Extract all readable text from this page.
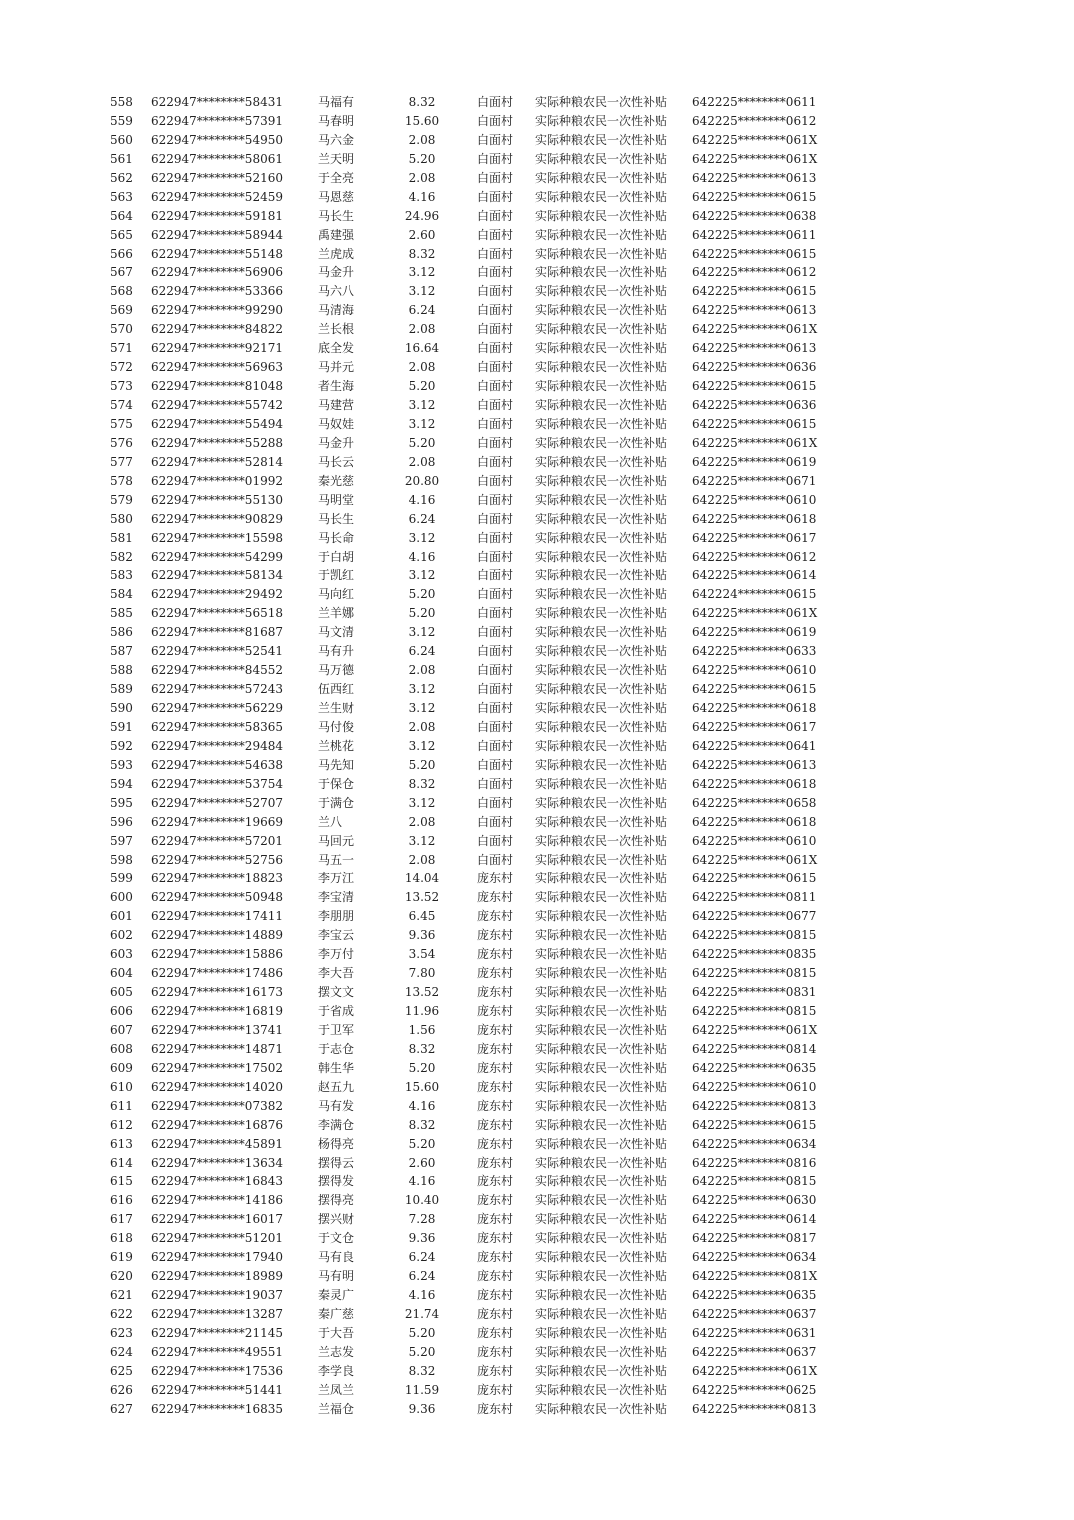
558 622947********58431	马福有	8.32	白面村 实际种粮农民一次性补贴 642225********0611
559 622947********57391	马春明	15.60	白面村 实际种粮农民一次性补贴 642225********0612
560 622947********54950	马六金	2.08	白面村 实际种粮农民一次性补贴 642225********061X
561 622947********58061	兰天明	5.20	白面村 实际种粮农民一次性补贴 642225********061X
562 622947********52160	于全亮	2.08	白面村 实际种粮农民一次性补贴 642225********0613
563 622947********52459	马恩慈	4.16	白面村 实际种粮农民一次性补贴 642225********0615
564 622947********59181	马长生	24.96	白面村 实际种粮农民一次性补贴 642225********0638
565 622947********58944	禹建强	2.60	白面村 实际种粮农民一次性补贴 642225********0611
566 622947********55148	兰虎成	8.32	白面村 实际种粮农民一次性补贴 642225********0615
567 622947********56906	马金升	3.12	白面村 实际种粮农民一次性补贴 642225********0612
568 622947********53366	马六八	3.12	白面村 实际种粮农民一次性补贴 642225********0615
569 622947********99290	马清海	6.24	白面村 实际种粮农民一次性补贴 642225********0613
570 622947********84822	兰长根	2.08	白面村 实际种粮农民一次性补贴 642225********061X
571 622947********92171	底全发	16.64	白面村 实际种粮农民一次性补贴 642225********0613
572 622947********56963	马并元	2.08	白面村 实际种粮农民一次性补贴 642225********0636
573 622947********81048	者生海	5.20	白面村 实际种粮农民一次性补贴 642225********0615
574 622947********55742	马建营	3.12	白面村 实际种粮农民一次性补贴 642225********0636
575 622947********55494	马奴娃	3.12	白面村 实际种粮农民一次性补贴 642225********0615
576 622947********55288	马金升	5.20	白面村 实际种粮农民一次性补贴 642225********061X
577 622947********52814	马长云	2.08	白面村 实际种粮农民一次性补贴 642225********0619
578 622947********01992	秦光慈	20.80	白面村 实际种粮农民一次性补贴 642225********0671
579 622947********55130	马明堂	4.16	白面村 实际种粮农民一次性补贴 642225********0610
580 622947********90829	马长生	6.24	白面村 实际种粮农民一次性补贴 642225********0618
581 622947********15598	马长命	3.12	白面村 实际种粮农民一次性补贴 642225********0617
582 622947********54299	于白胡	4.16	白面村 实际种粮农民一次性补贴 642225********0612
583 622947********58134	于凯红	3.12	白面村 实际种粮农民一次性补贴 642225********0614
584 622947********29492	马向红	5.20	白面村 实际种粮农民一次性补贴 642224********0615
585 622947********56518	兰羊娜	5.20	白面村 实际种粮农民一次性补贴 642225********061X
586 622947********81687	马文清	3.12	白面村 实际种粮农民一次性补贴 642225********0619
587 622947********52541	马有升	6.24	白面村 实际种粮农民一次性补贴 642225********0633
588 622947********84552	马万德	2.08	白面村 实际种粮农民一次性补贴 642225********0610
589 622947********57243	伍西红	3.12	白面村 实际种粮农民一次性补贴 642225********0615
590 622947********56229	兰生财	3.12	白面村 实际种粮农民一次性补贴 642225********0618
591 622947********58365	马付俊	2.08	白面村 实际种粮农民一次性补贴 642225********0617
592 622947********29484	兰桃花	3.12	白面村 实际种粮农民一次性补贴 642225********0641
593 622947********54638	马先知	5.20	白面村 实际种粮农民一次性补贴 642225********0613
594 622947********53754	于保仓	8.32	白面村 实际种粮农民一次性补贴 642225********0618
595 622947********52707	于满仓	3.12	白面村 实际种粮农民一次性补贴 642225********0658
596 622947********19669	兰八	2.08	白面村 实际种粮农民一次性补贴 642225********0618
597 622947********57201	马回元	3.12	白面村 实际种粮农民一次性补贴 642225********0610
598 622947********52756	马五一	2.08	白面村 实际种粮农民一次性补贴 642225********061X
599 622947********18823	李万江	14.04	庞东村 实际种粮农民一次性补贴 642225********0615
600 622947********50948	李宝清	13.52	庞东村 实际种粮农民一次性补贴 642225********0811
601 622947********17411	李朋朋	6.45	庞东村 实际种粮农民一次性补贴 642225********0677
602 622947********14889	李宝云	9.36	庞东村 实际种粮农民一次性补贴 642225********0815
603 622947********15886	李万付	3.54	庞东村 实际种粮农民一次性补贴 642225********0835
604 622947********17486	李大吾	7.80	庞东村 实际种粮农民一次性补贴 642225********0815
605 622947********16173	摆文文	13.52	庞东村 实际种粮农民一次性补贴 642225********0831
606 622947********16819	于省成	11.96	庞东村 实际种粮农民一次性补贴 642225********0815
607 622947********13741	于卫军	1.56	庞东村 实际种粮农民一次性补贴 642225********061X
608 622947********14871	于志仓	8.32	庞东村 实际种粮农民一次性补贴 642225********0814
609 622947********17502	韩生华	5.20	庞东村 实际种粮农民一次性补贴 642225********0635
610 622947********14020	赵五九	15.60	庞东村 实际种粮农民一次性补贴 642225********0610
611 622947********07382	马有发	4.16	庞东村 实际种粮农民一次性补贴 642225********0813
612 622947********16876	李满仓	8.32	庞东村 实际种粮农民一次性补贴 642225********0615
613 622947********45891	杨得亮	5.20	庞东村 实际种粮农民一次性补贴 642225********0634
614 622947********13634	摆得云	2.60	庞东村 实际种粮农民一次性补贴 642225********0816
615 622947********16843	摆得发	4.16	庞东村 实际种粮农民一次性补贴 642225********0815
616 622947********14186	摆得亮	10.40	庞东村 实际种粮农民一次性补贴 642225********0630
617 622947********16017	摆兴财	7.28	庞东村 实际种粮农民一次性补贴 642225********0614
618 622947********51201	于文仓	9.36	庞东村 实际种粮农民一次性补贴 642225********0817
619 622947********17940	马有良	6.24	庞东村 实际种粮农民一次性补贴 642225********0634
620 622947********18989	马有明	6.24	庞东村 实际种粮农民一次性补贴 642225********081X
621 622947********19037	秦灵广	4.16	庞东村 实际种粮农民一次性补贴 642225********0635
622 622947********13287	秦广慈	21.74	庞东村 实际种粮农民一次性补贴 642225********0637
623 622947********21145	于大吾	5.20	庞东村 实际种粮农民一次性补贴 642225********0631
624 622947********49551	兰志发	5.20	庞东村 实际种粮农民一次性补贴 642225********0637
625 622947********17536	李学良	8.32	庞东村 实际种粮农民一次性补贴 642225********061X
626 622947********51441	兰凤兰	11.59	庞东村 实际种粮农民一次性补贴 642225********0625
627 622947********16835	兰福仓	9.36	庞东村 实际种粮农民一次性补贴 642225********0813
